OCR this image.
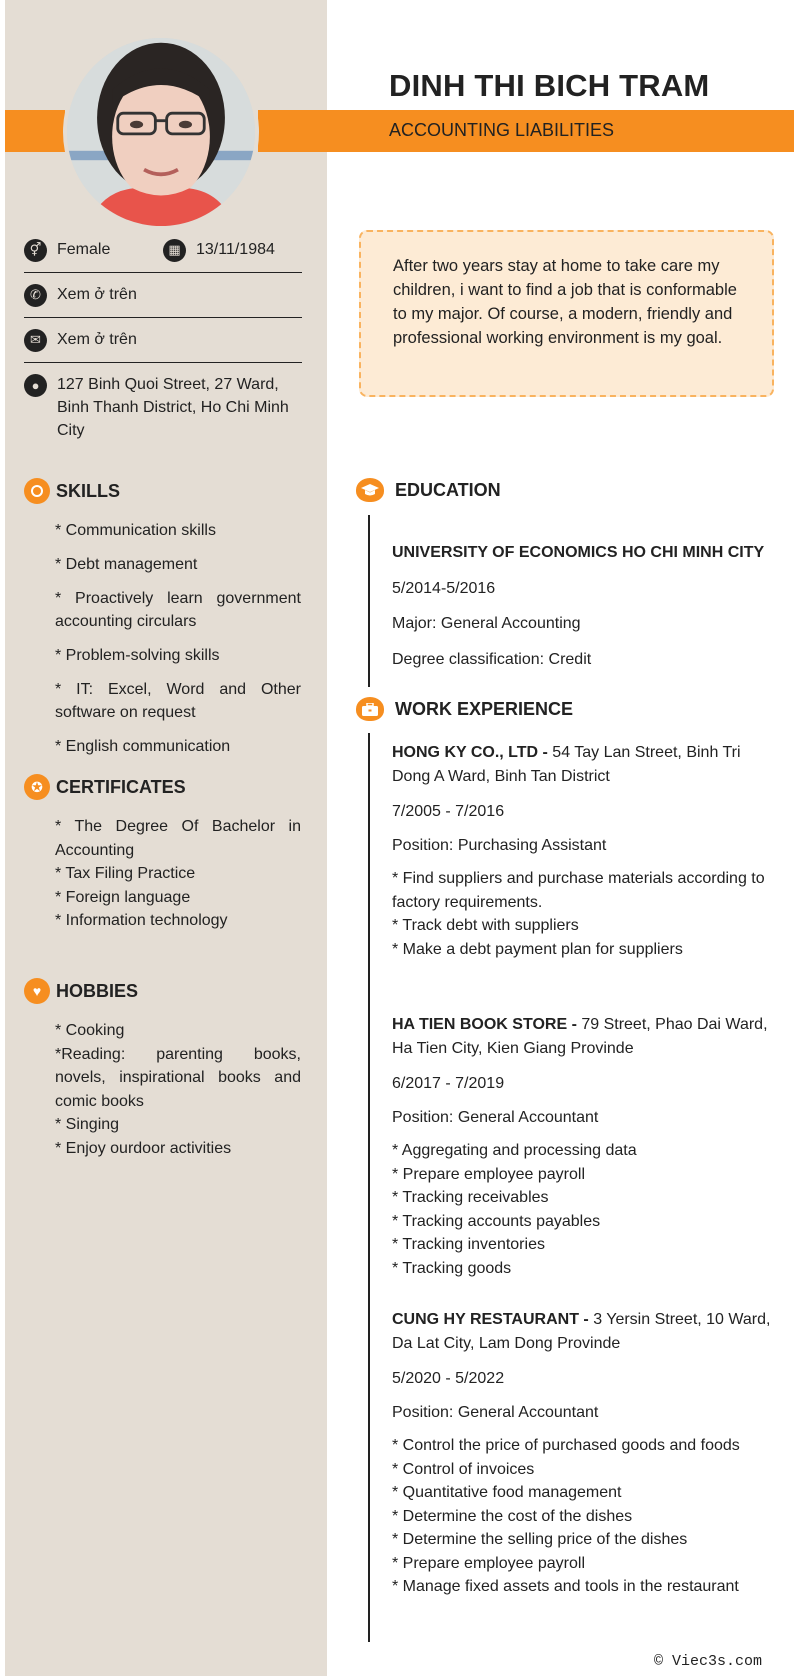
DINH THI BICH TRAM
ACCOUNTING LIABILITIES
⚥ Female	▦ 13/11/1984
✆	Xem ở trên
✉	Xem ở trên
●	127 Binh Quoi Street, 27 Ward, Binh Thanh District, Ho Chi Minh City
SKILLS

* Communication skills

* Debt management

* Proactively learn government accounting circulars

* Problem-solving skills

* IT: Excel, Word and Other software on request

* English communication

✪ CERTIFICATES

* The Degree Of Bachelor in Accounting

* Tax Filing Practice

* Foreign language

* Information technology

♥ HOBBIES

* Cooking

*Reading: parenting books, novels, inspirational books and comic books

* Singing

* Enjoy ourdoor activities

After two years stay at home to take care my children, i want to find a job that is conformable to my major. Of course, a modern, friendly and professional working environment is my goal.
EDUCATION

UNIVERSITY OF ECONOMICS HO CHI MINH CITY

5/2014-5/2016

Major: General Accounting

Degree classification: Credit

WORK EXPERIENCE

HONG KY CO., LTD - 54 Tay Lan Street, Binh Tri Dong A Ward, Binh Tan District

7/2005 - 7/2016

Position: Purchasing Assistant

* Find suppliers and purchase materials according to factory requirements.

* Track debt with suppliers

* Make a debt payment plan for suppliers

HA TIEN BOOK STORE - 79 Street, Phao Dai Ward, Ha Tien City, Kien Giang Provinde

6/2017 - 7/2019

Position: General Accountant

* Aggregating and processing data

* Prepare employee payroll

* Tracking receivables

* Tracking accounts payables

* Tracking inventories

* Tracking goods

CUNG HY RESTAURANT - 3 Yersin Street, 10 Ward, Da Lat City, Lam Dong Provinde

5/2020 - 5/2022

Position: General Accountant

* Control the price of purchased goods and foods

* Control of invoices

* Quantitative food management

* Determine the cost of the dishes

* Determine the selling price of the dishes

* Prepare employee payroll

* Manage fixed assets and tools in the restaurant

© Viec3s.com
